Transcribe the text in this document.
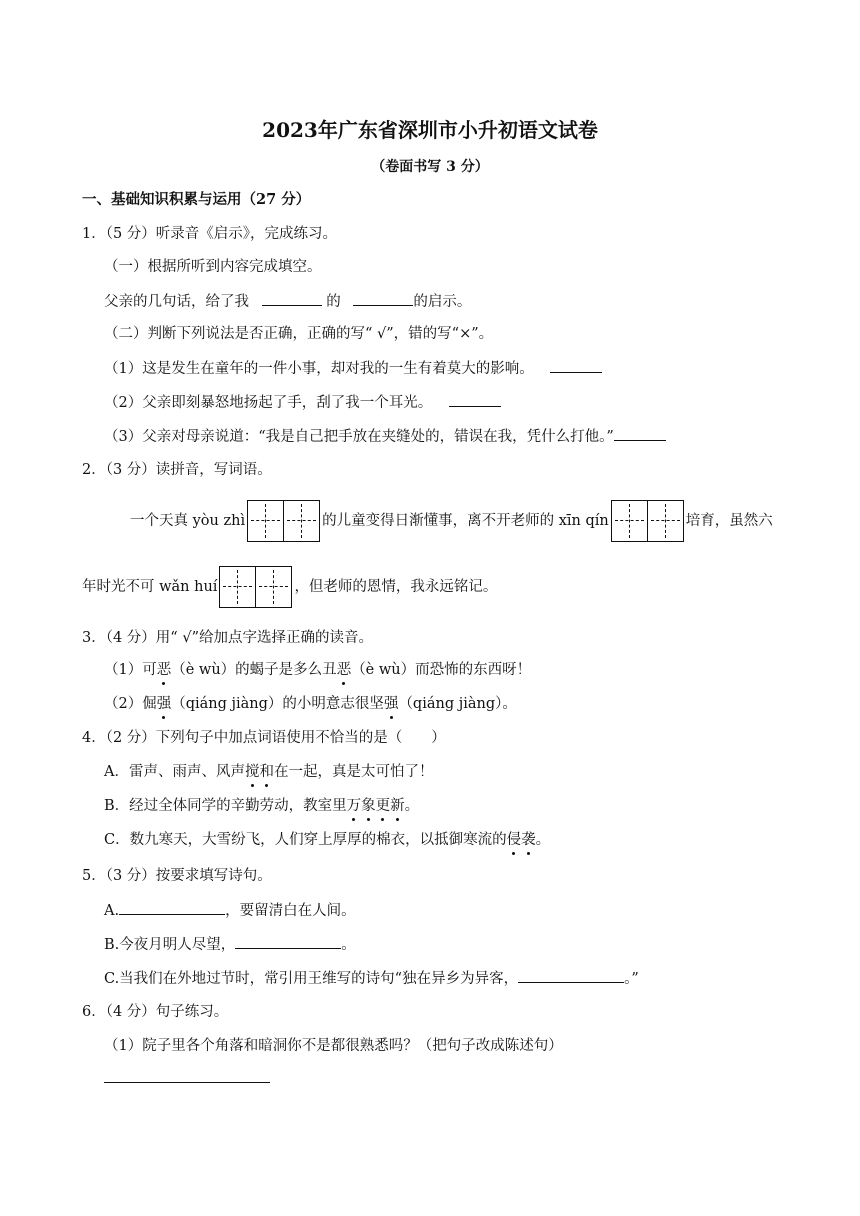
2023年广东省深圳市小升初语文试卷
（卷面书写 3 分）
一、基础知识积累与运用（27 分）
1．（5 分）听录音《启示》，完成练习。
（一）根据所听到内容完成填空。
父亲的几句话，给了我	的	的启示。
（二）判断下列说法是否正确，正确的写“ √”，错的写“×”。
（1）这是发生在童年的一件小事，却对我的一生有着莫大的影响。
（2）父亲即刻暴怒地扬起了手，刮了我一个耳光。
（3）父亲对母亲说道：“我是自己把手放在夹缝处的，错误在我，凭什么打他。”
2．（3 分）读拼音，写词语。
一个天真 yòu zhì	的儿童变得日渐懂事，离不开老师的 xīn qín	培育，虽然六
年时光不可 wǎn huí	，但老师的恩情，我永远铭记。
3．（4 分）用“ √”给加点字选择正确的读音。
（1）可恶（è wù）的蝎子是多么丑恶（è wù）而恐怖的东西呀！
（2）倔强（qiáng jiàng）的小明意志很坚强（qiáng jiàng）。
4．（2 分）下列句子中加点词语使用不恰当的是（　　）
A．雷声、雨声、风声搅和在一起，真是太可怕了！
B．经过全体同学的辛勤劳动，教室里万象更新。
C．数九寒天，大雪纷飞，人们穿上厚厚的棉衣，以抵御寒流的侵袭。
5．（3 分）按要求填写诗句。
A.	，要留清白在人间。
B.今夜月明人尽望，	。
C.当我们在外地过节时，常引用王维写的诗句“独在异乡为异客，	。”
6．（4 分）句子练习。
（1）院子里各个角落和暗洞你不是都很熟悉吗？（把句子改成陈述句）
